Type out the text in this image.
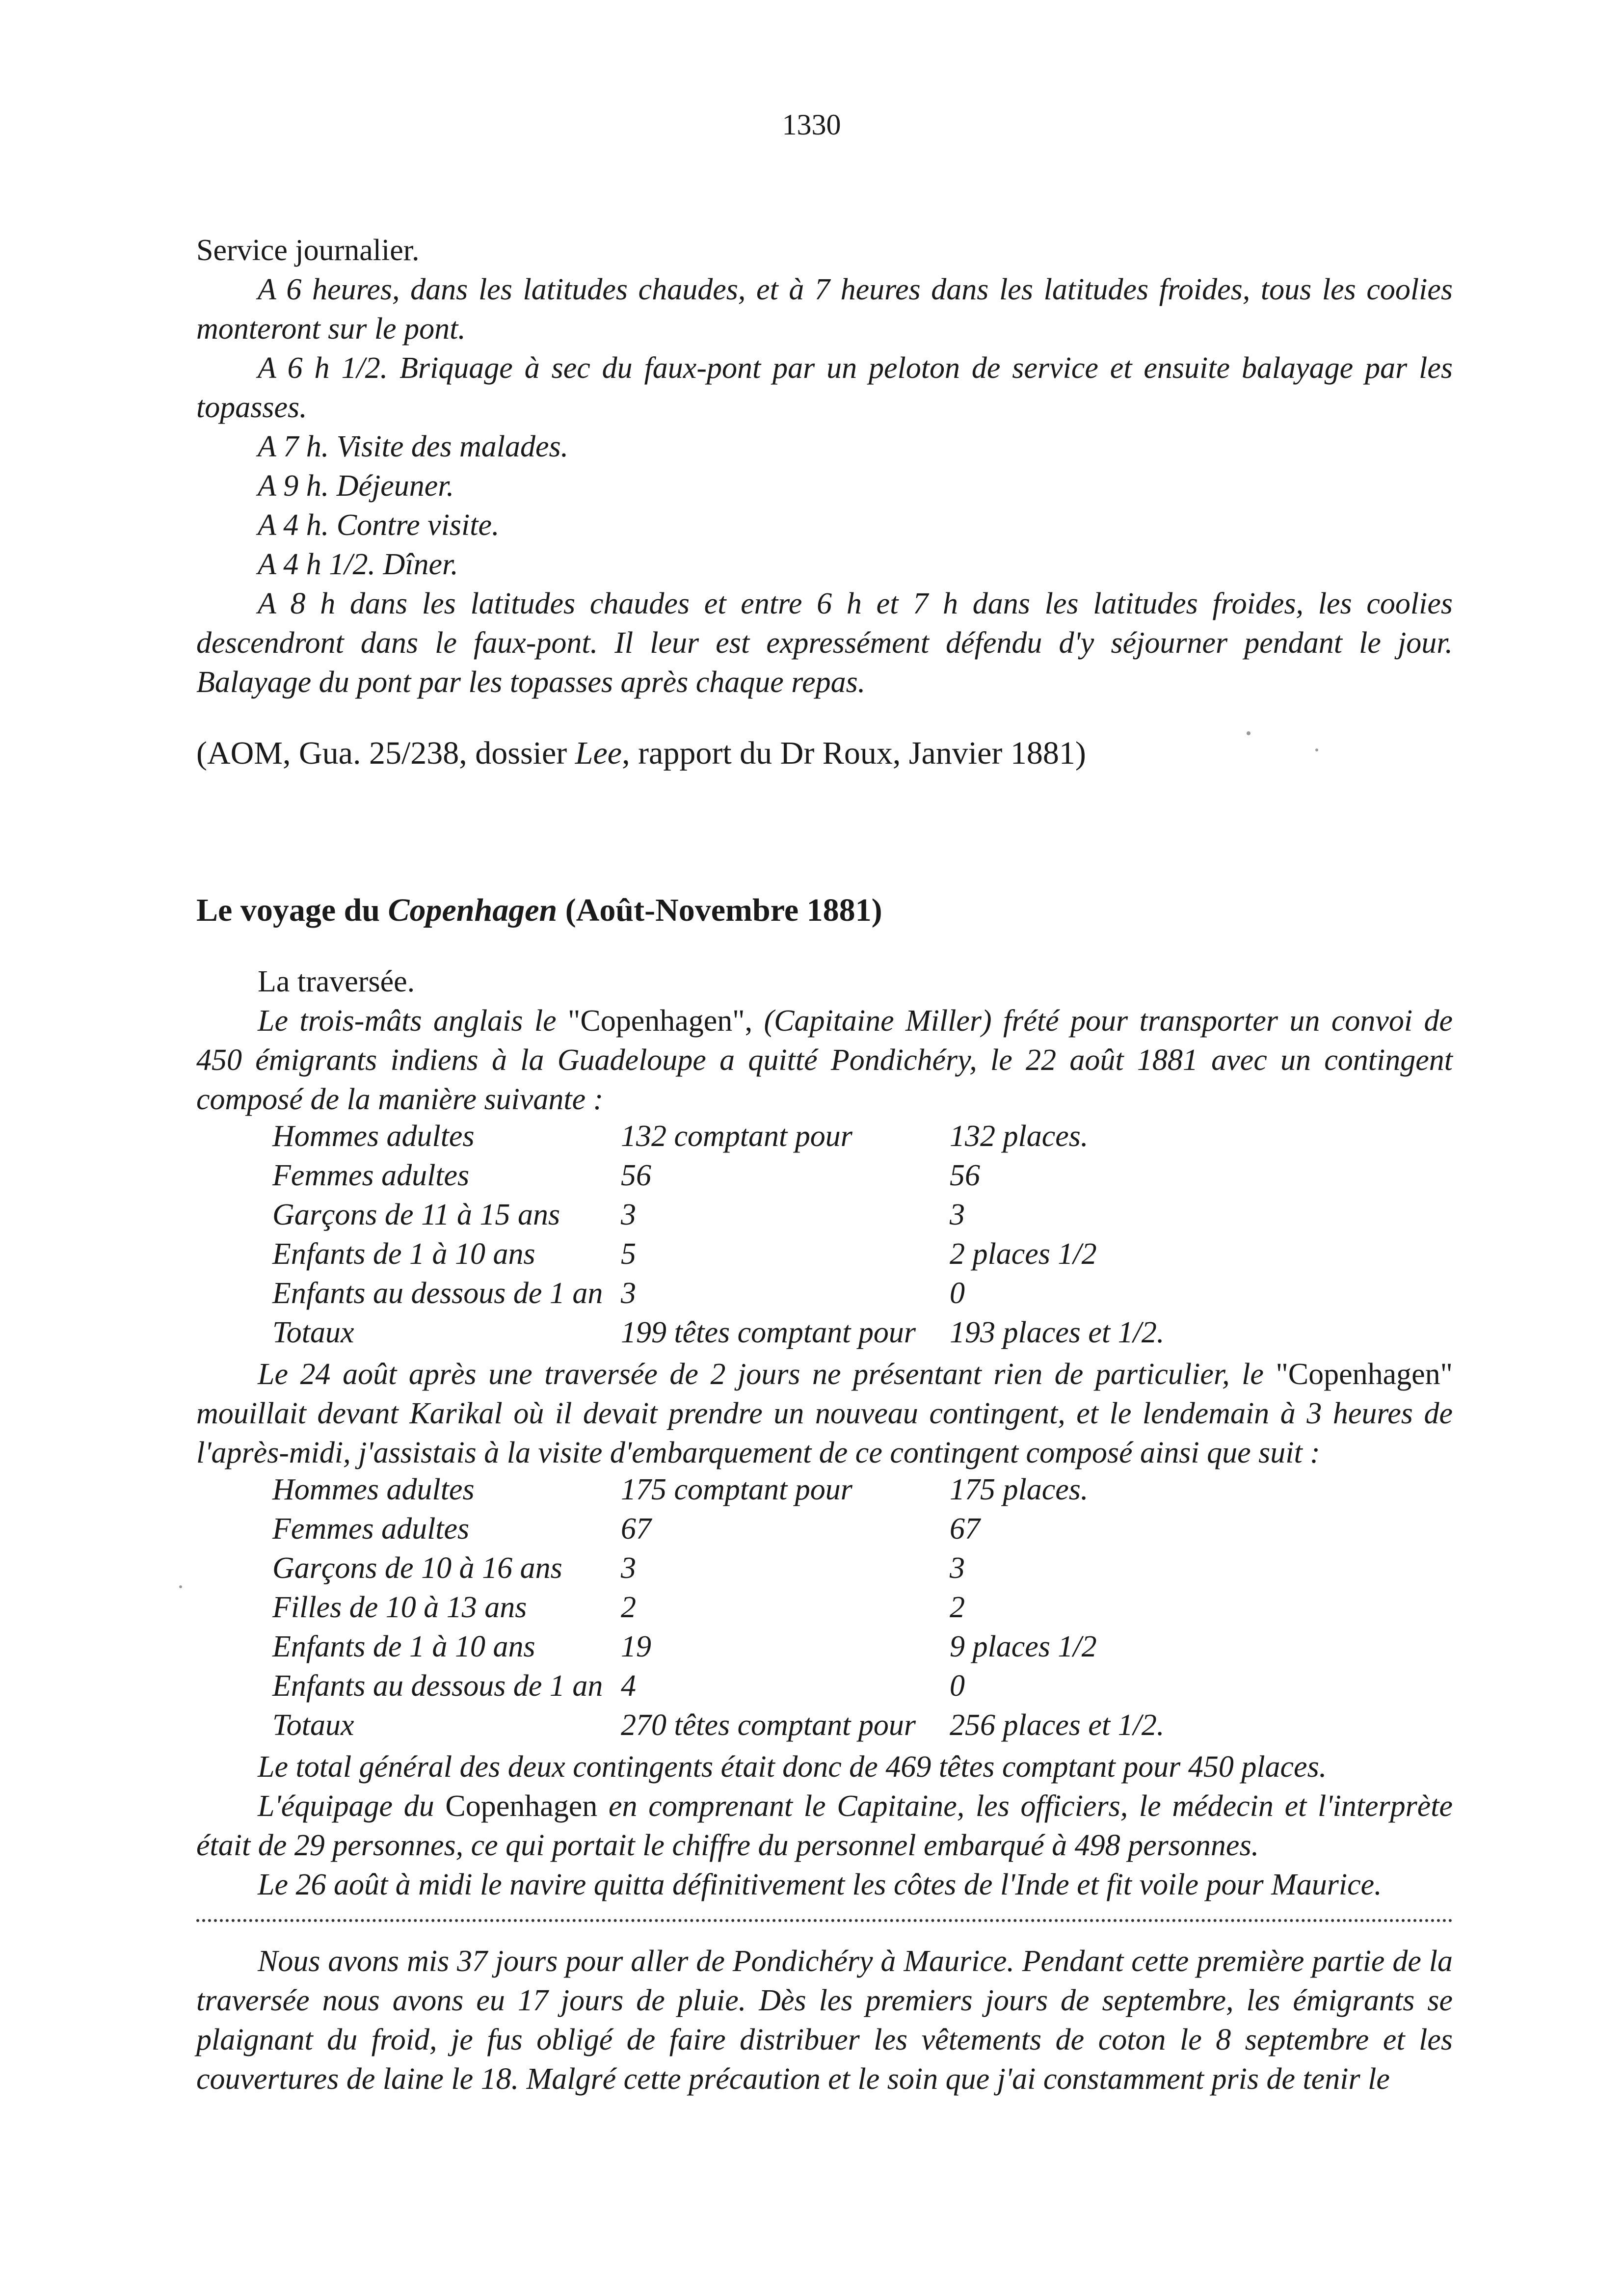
1330
Service journalier.
A 6 heures, dans les latitudes chaudes, et à 7 heures dans les latitudes froides, tous les coolies monteront sur le pont.
A 6 h 1/2. Briquage à sec du faux-pont par un peloton de service et ensuite balayage par les topasses.
A 7 h. Visite des malades.
A 9 h. Déjeuner.
A 4 h. Contre visite.
A 4 h 1/2. Dîner.
A 8 h dans les latitudes chaudes et entre 6 h et 7 h dans les latitudes froides, les coolies descendront dans le faux-pont. Il leur est expressément défendu d'y séjourner pendant le jour. Balayage du pont par les topasses après chaque repas.
(AOM, Gua. 25/238, dossier Lee, rapport du Dr Roux, Janvier 1881)
Le voyage du Copenhagen (Août-Novembre 1881)
La traversée.
Le trois-mâts anglais le "Copenhagen", (Capitaine Miller) frété pour transporter un convoi de 450 émigrants indiens à la Guadeloupe a quitté Pondichéry, le 22 août 1881 avec un contingent composé de la manière suivante :
Hommes adultes	132 comptant pour	132 places.
Femmes adultes	56	56
Garçons de 11 à 15 ans	3	3
Enfants de 1 à 10 ans	5	2 places 1/2
Enfants au dessous de 1 an	3	0
Totaux	199 têtes comptant pour	193 places et 1/2.
Le 24 août après une traversée de 2 jours ne présentant rien de particulier, le "Copenhagen" mouillait devant Karikal où il devait prendre un nouveau contingent, et le lendemain à 3 heures de l'après-midi, j'assistais à la visite d'embarquement de ce contingent composé ainsi que suit :
Hommes adultes	175 comptant pour	175 places.
Femmes adultes	67	67
Garçons de 10 à 16 ans	3	3
Filles de 10 à 13 ans	2	2
Enfants de 1 à 10 ans	19	9 places 1/2
Enfants au dessous de 1 an	4	0
Totaux	270 têtes comptant pour	256 places et 1/2.
Le total général des deux contingents était donc de 469 têtes comptant pour 450 places.
L'équipage du Copenhagen en comprenant le Capitaine, les officiers, le médecin et l'interprète était de 29 personnes, ce qui portait le chiffre du personnel embarqué à 498 personnes.
Le 26 août à midi le navire quitta définitivement les côtes de l'Inde et fit voile pour Maurice.
Nous avons mis 37 jours pour aller de Pondichéry à Maurice. Pendant cette première partie de la traversée nous avons eu 17 jours de pluie. Dès les premiers jours de septembre, les émigrants se plaignant du froid, je fus obligé de faire distribuer les vêtements de coton le 8 septembre et les couvertures de laine le 18. Malgré cette précaution et le soin que j'ai constamment pris de tenir le
